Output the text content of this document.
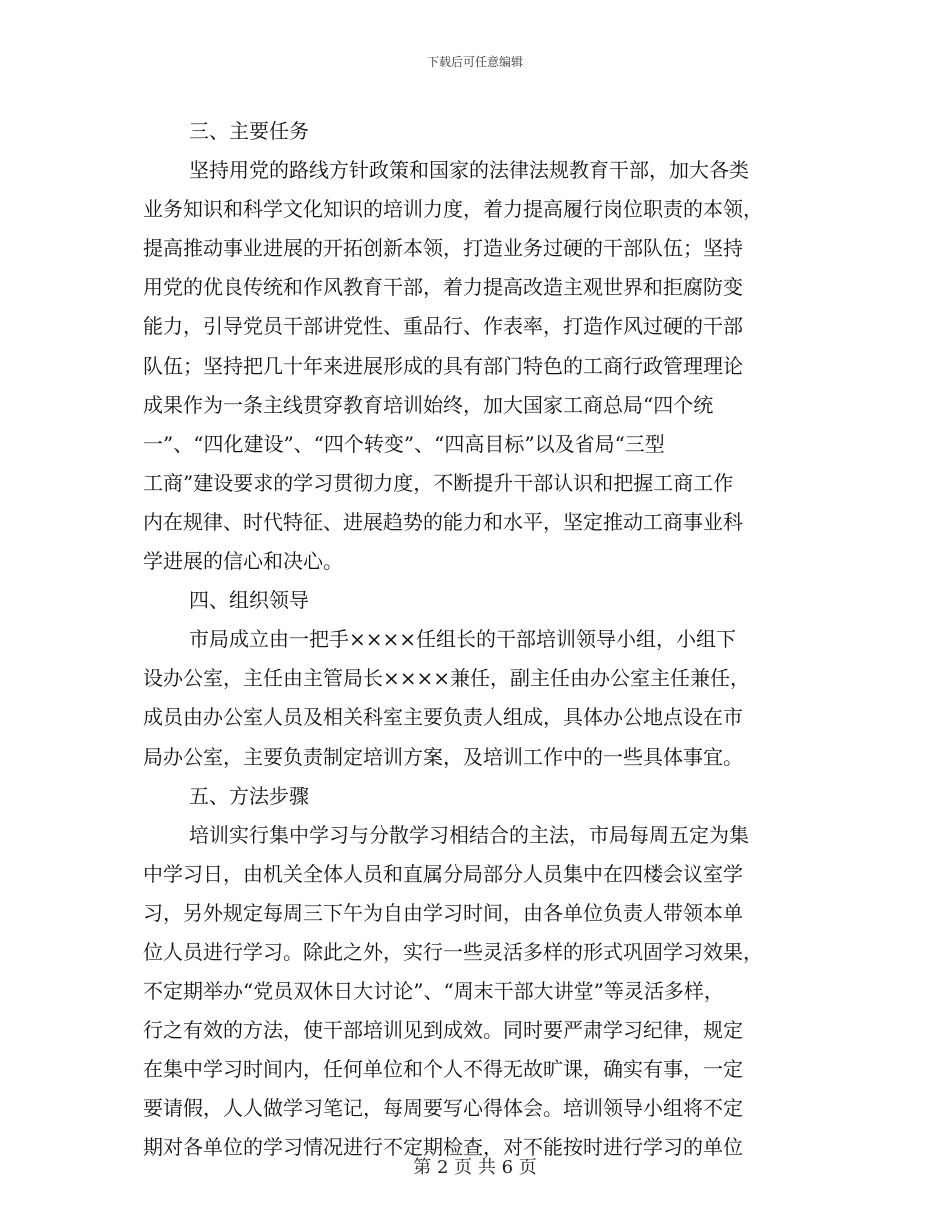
下载后可任意编辑
三、主要任务
坚持用党的路线方针政策和国家的法律法规教育干部，加大各类
业务知识和科学文化知识的培训力度，着力提高履行岗位职责的本领，
提高推动事业进展的开拓创新本领，打造业务过硬的干部队伍；坚持
用党的优良传统和作风教育干部，着力提高改造主观世界和拒腐防变
能力，引导党员干部讲党性、重品行、作表率，打造作风过硬的干部
队伍；坚持把几十年来进展形成的具有部门特色的工商行政管理理论
成果作为一条主线贯穿教育培训始终，加大国家工商总局“四个统
一”、“四化建设”、“四个转变”、“四高目标”以及省局“三型
工商”建设要求的学习贯彻力度，不断提升干部认识和把握工商工作
内在规律、时代特征、进展趋势的能力和水平，坚定推动工商事业科
学进展的信心和决心。
四、组织领导
市局成立由一把手××××任组长的干部培训领导小组，小组下
设办公室，主任由主管局长××××兼任，副主任由办公室主任兼任，
成员由办公室人员及相关科室主要负责人组成，具体办公地点设在市
局办公室，主要负责制定培训方案，及培训工作中的一些具体事宜。
五、方法步骤
培训实行集中学习与分散学习相结合的主法，市局每周五定为集
中学习日，由机关全体人员和直属分局部分人员集中在四楼会议室学
习，另外规定每周三下午为自由学习时间，由各单位负责人带领本单
位人员进行学习。除此之外，实行一些灵活多样的形式巩固学习效果，
不定期举办“党员双休日大讨论”、“周末干部大讲堂”等灵活多样，
行之有效的方法，使干部培训见到成效。同时要严肃学习纪律，规定
在集中学习时间内，任何单位和个人不得无故旷课，确实有事，一定
要请假，人人做学习笔记，每周要写心得体会。培训领导小组将不定
期对各单位的学习情况进行不定期检查，对不能按时进行学习的单位
第 2 页 共 6 页
